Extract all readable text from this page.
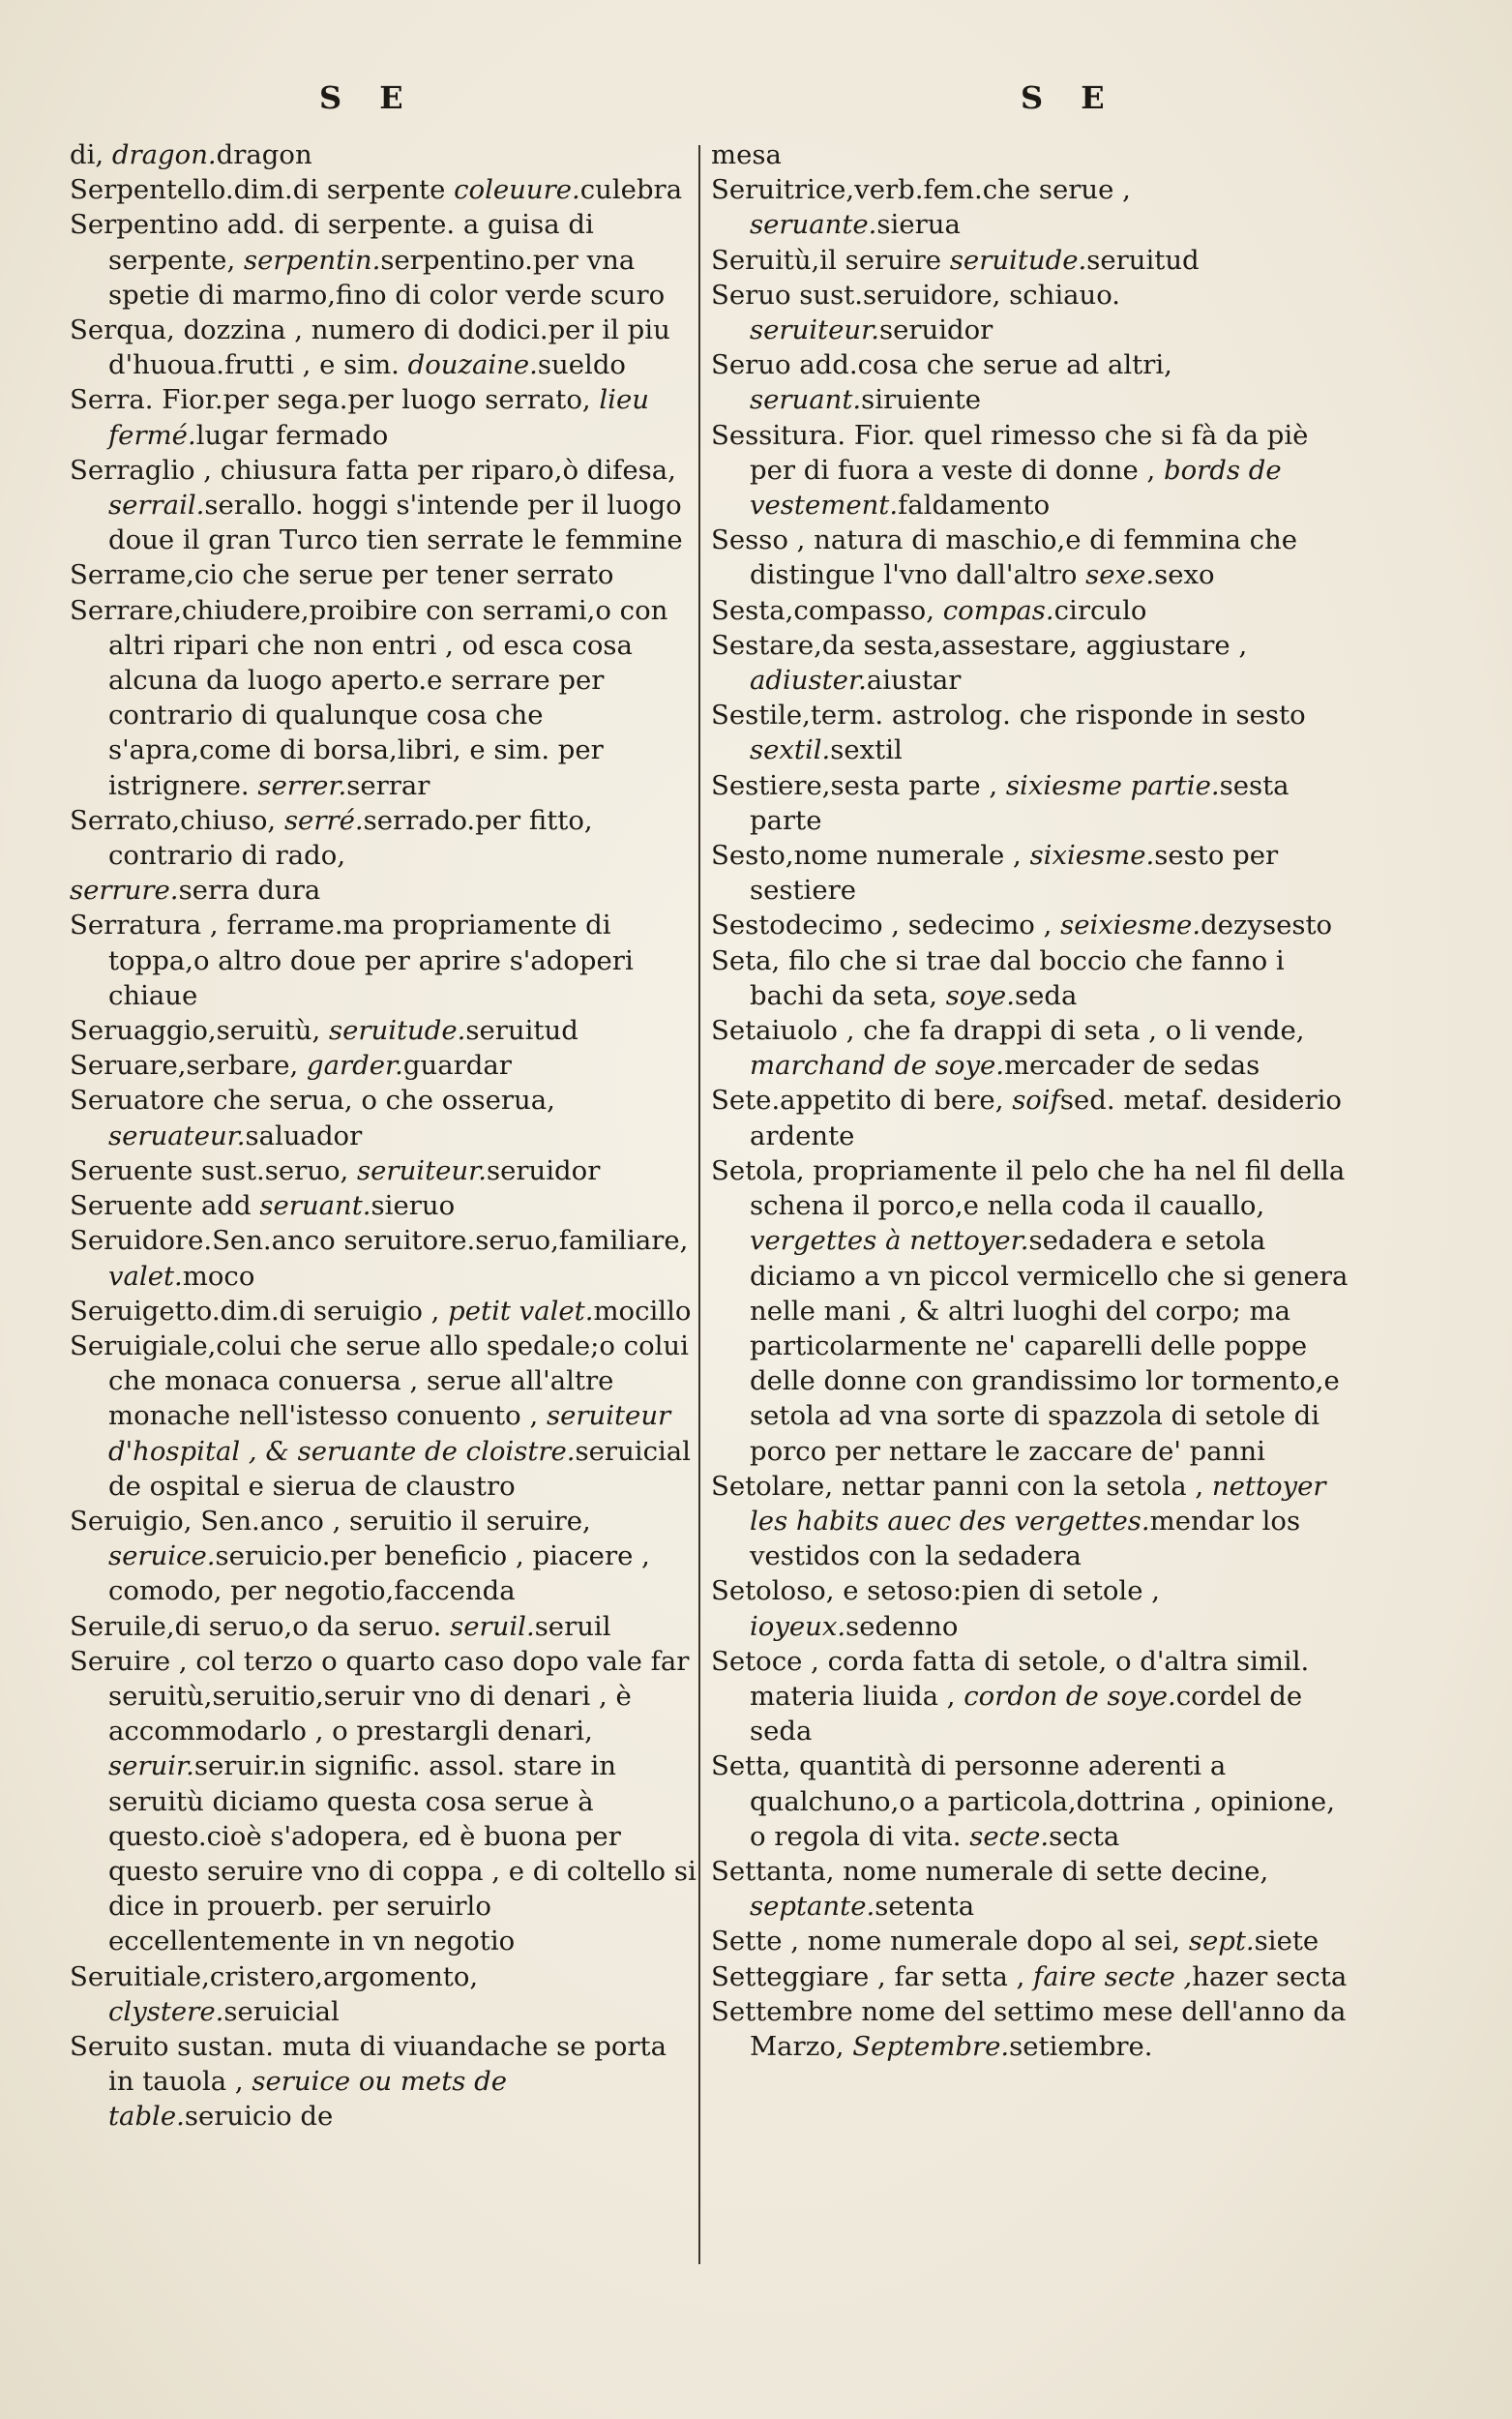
S E	S E

di, dragon.dragon

Serpentello.dim.di serpente coleuure.culebra

Serpentino add. di serpente. a guisa di serpente, serpentin.serpentino.per vna spetie di marmo,fino di color verde scuro

Serqua, dozzina , numero di dodici.per il piu d'huoua.frutti , e sim. douzaine.sueldo

Serra. Fior.per sega.per luogo serrato, lieu fermé.lugar fermado

Serraglio , chiusura fatta per riparo,ò difesa, serrail.serallo. hoggi s'intende per il luogo doue il gran Turco tien serrate le femmine

Serrame,cio che serue per tener serrato

Serrare,chiudere,proibire con serrami,o con altri ripari che non entri , od esca cosa alcuna da luogo aperto.e serrare per contrario di qualunque cosa che s'apra,come di borsa,libri, e sim. per istrignere. serrer.serrar

Serrato,chiuso, serré.serrado.per fitto, contrario di rado,

serrure.serra dura

Serratura , ferrame.ma propriamente di toppa,o altro doue per aprire s'adoperi chiaue

Seruaggio,seruitù, seruitude.seruitud

Seruare,serbare, garder.guardar

Seruatore che serua, o che osserua, seruateur.saluador

Seruente sust.seruo, seruiteur.seruidor

Seruente add seruant.sieruo

Seruidore.Sen.anco seruitore.seruo,familiare, valet.moco

Seruigetto.dim.di seruigio , petit valet.mocillo

Seruigiale,colui che serue allo spedale;o colui che monaca conuersa , serue all'altre monache nell'istesso conuento , seruiteur d'hospital , & seruante de cloistre.seruicial de ospital e sierua de claustro

Seruigio, Sen.anco , seruitio il seruire, seruice.seruicio.per beneficio , piacere , comodo, per negotio,faccenda

Seruile,di seruo,o da seruo. seruil.seruil

Seruire , col terzo o quarto caso dopo vale far seruitù,seruitio,seruir vno di denari , è accommodarlo , o prestargli denari, seruir.seruir.in signific. assol. stare in seruitù diciamo questa cosa serue à questo.cioè s'adopera, ed è buona per questo seruire vno di coppa , e di coltello si dice in prouerb. per seruirlo eccellentemente in vn negotio

Seruitiale,cristero,argomento, clystere.seruicial

Seruito sustan. muta di viuandache se porta in tauola , seruice ou mets de table.seruicio de

mesa

Seruitrice,verb.fem.che serue , seruante.sierua

Seruitù,il seruire seruitude.seruitud

Seruo sust.seruidore, schiauo. seruiteur.seruidor

Seruo add.cosa che serue ad altri, seruant.siruiente

Sessitura. Fior. quel rimesso che si fà da piè per di fuora a veste di donne , bords de vestement.faldamento

Sesso , natura di maschio,e di femmina che distingue l'vno dall'altro sexe.sexo

Sesta,compasso, compas.circulo

Sestare,da sesta,assestare, aggiustare , adiuster.aiustar

Sestile,term. astrolog. che risponde in sesto sextil.sextil

Sestiere,sesta parte , sixiesme partie.sesta parte

Sesto,nome numerale , sixiesme.sesto per sestiere

Sestodecimo , sedecimo , seixiesme.dezysesto

Seta, filo che si trae dal boccio che fanno i bachi da seta, soye.seda

Setaiuolo , che fa drappi di seta , o li vende, marchand de soye.mercader de sedas

Sete.appetito di bere, soifsed. metaf. desiderio ardente

Setola, propriamente il pelo che ha nel fil della schena il porco,e nella coda il cauallo, vergettes à nettoyer.sedadera e setola diciamo a vn piccol vermicello che si genera nelle mani , & altri luoghi del corpo; ma particolarmente ne' caparelli delle poppe delle donne con grandissimo lor tormento,e setola ad vna sorte di spazzola di setole di porco per nettare le zaccare de' panni

Setolare, nettar panni con la setola , nettoyer les habits auec des vergettes.mendar los vestidos con la sedadera

Setoloso, e setoso:pien di setole , ioyeux.sedenno

Setoce , corda fatta di setole, o d'altra simil. materia liuida , cordon de soye.cordel de seda

Setta, quantità di personne aderenti a qualchuno,o a particola,dottrina , opinione, o regola di vita. secte.secta

Settanta, nome numerale di sette decine, septante.setenta

Sette , nome numerale dopo al sei, sept.siete

Setteggiare , far setta , faire secte ,hazer secta

Settembre nome del settimo mese dell'anno da Marzo, Septembre.setiembre.
